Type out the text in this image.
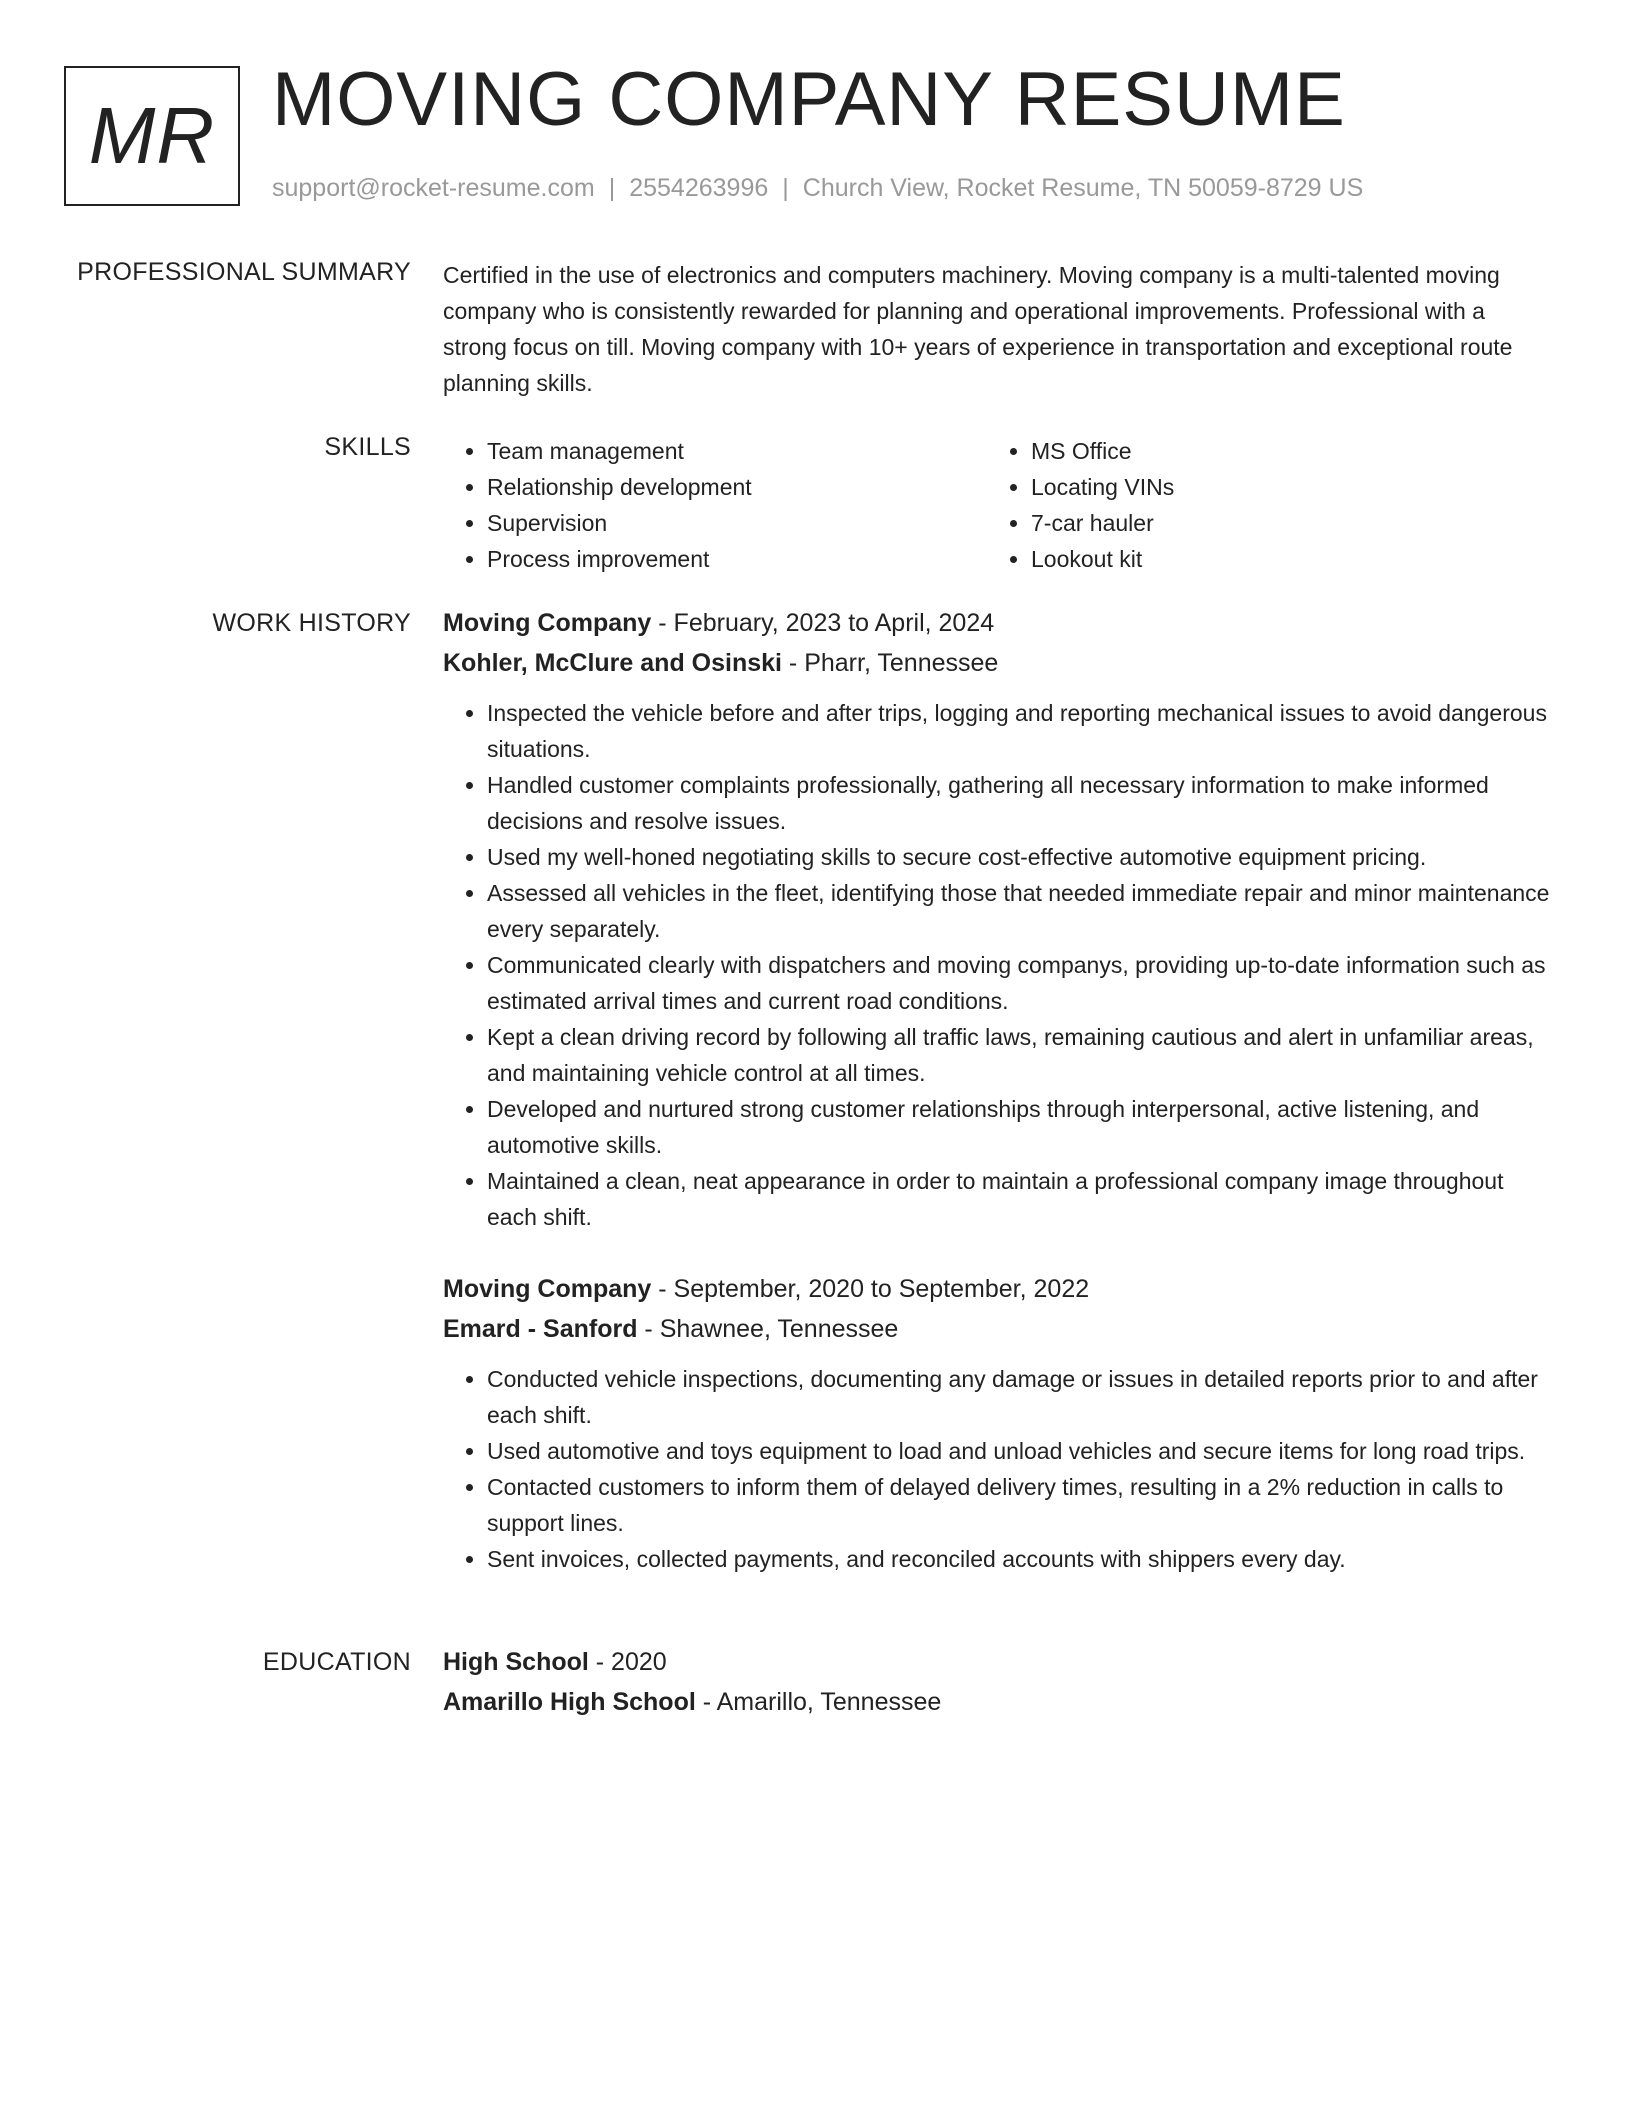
MR MOVING COMPANY RESUME
support@rocket-resume.com | 2554263996 | Church View, Rocket Resume, TN 50059-8729 US
PROFESSIONAL SUMMARY Certified in the use of electronics and computers machinery. Moving company is a multi-talented moving company who is consistently rewarded for planning and operational improvements. Professional with a strong focus on till. Moving company with 10+ years of experience in transportation and exceptional route planning skills.

SKILLS
•	Team management
• Relationship development
• Supervision
• Process improvement
• MS Office
• Locating VINs
• 7-car hauler
• Lookout kit
WORK HISTORY Moving Company - February, 2023 to April, 2024

Kohler, McClure and Osinski - Pharr, Tennessee

• Inspected the vehicle before and after trips, logging and reporting mechanical issues to avoid dangerous situations.
• Handled customer complaints professionally, gathering all necessary information to make informed decisions and resolve issues.
• Used my well-honed negotiating skills to secure cost-effective automotive equipment pricing.
• Assessed all vehicles in the fleet, identifying those that needed immediate repair and minor maintenance every separately.
• Communicated clearly with dispatchers and moving companys, providing up-to-date information such as estimated arrival times and current road conditions.
• Kept a clean driving record by following all traffic laws, remaining cautious and alert in unfamiliar areas, and maintaining vehicle control at all times.
• Developed and nurtured strong customer relationships through interpersonal, active listening, and automotive skills.
• Maintained a clean, neat appearance in order to maintain a professional company image throughout each shift.

Moving Company - September, 2020 to September, 2022

Emard - Sanford - Shawnee, Tennessee

• Conducted vehicle inspections, documenting any damage or issues in detailed reports prior to and after each shift.
• Used automotive and toys equipment to load and unload vehicles and secure items for long road trips.
• Contacted customers to inform them of delayed delivery times, resulting in a 2% reduction in calls to support lines.
• Sent invoices, collected payments, and reconciled accounts with shippers every day.
EDUCATION High School - 2020

Amarillo High School - Amarillo, Tennessee
